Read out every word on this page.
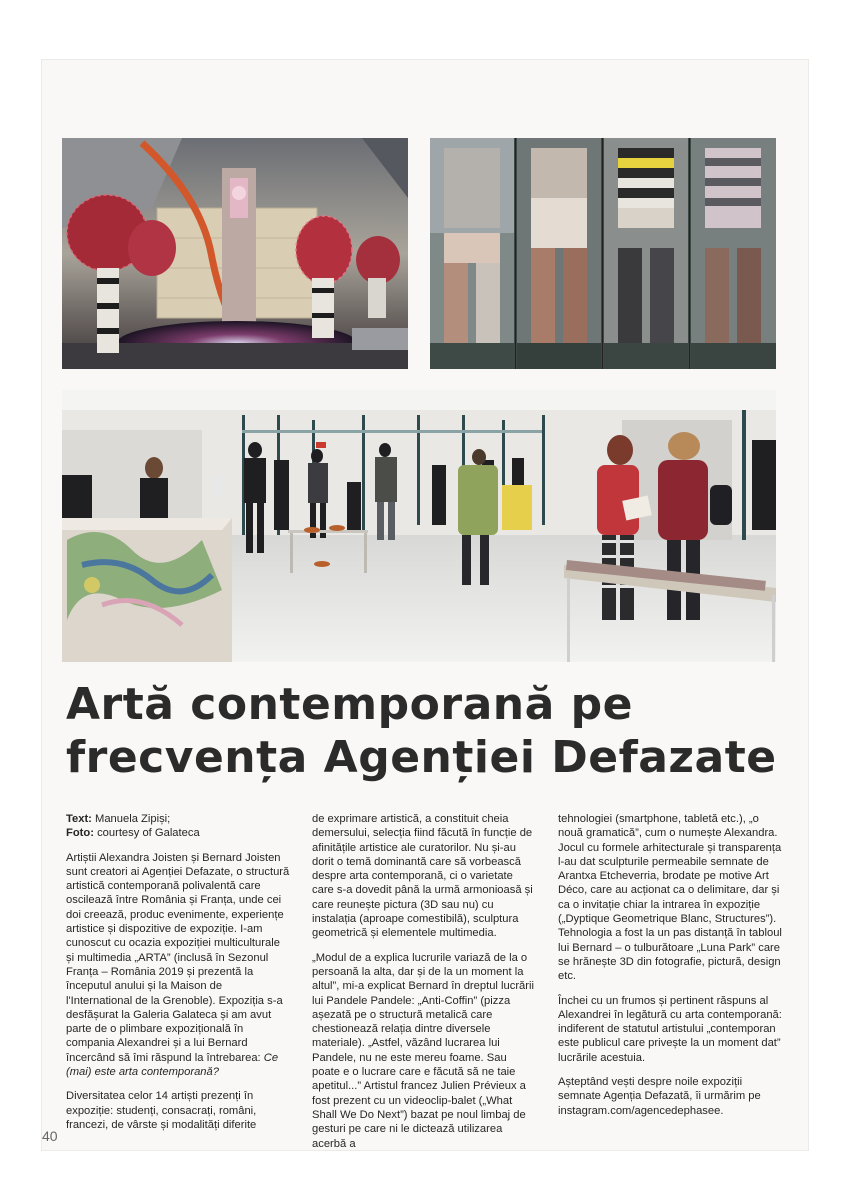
Artă contemporană pe
frecvența Agenției Defazate

Text: Manuela Zipiși;
Foto: courtesy of Galateca

Artiștii Alexandra Joisten și Bernard Joisten sunt creatori ai Agenției Defazate, o structură artistică contemporană polivalentă care oscilează între România și Franța, unde cei doi creează, produc evenimente, experiențe artistice și dispozitive de expoziție. I-am cunoscut cu ocazia expoziției multiculturale și multimedia „ARTA” (inclusă în Sezonul Franța – România 2019 și prezentă la începutul anului și la Maison de l'International de la Grenoble). Expoziția s-a desfășurat la Galeria Galateca și am avut parte de o plimbare expozițională în compania Alexandrei și a lui Bernard încercând să îmi răspund la întrebarea: Ce (mai) este arta contemporană?

Diversitatea celor 14 artiști prezenți în expoziție: studenți, consacrați, români, francezi, de vârste și modalități diferite

de exprimare artistică, a constituit cheia demersului, selecția fiind făcută în funcție de afinitățile artistice ale curatorilor. Nu și-au dorit o temă dominantă care să vorbească despre arta contemporană, ci o varietate care s-a dovedit până la urmă armonioasă și care reunește pictura (3D sau nu) cu instalația (aproape comestibilă), sculptura geometrică și elementele multimedia.

„Modul de a explica lucrurile variază de la o persoană la alta, dar și de la un moment la altul”, mi-a explicat Bernard în dreptul lucrării lui Pandele Pandele: „Anti-Coffin” (pizza așezată pe o structură metalică care chestionează relația dintre diversele materiale). „Astfel, văzând lucrarea lui Pandele, nu ne este mereu foame. Sau poate e o lucrare care e făcută să ne taie apetitul...” Artistul francez Julien Prévieux a fost prezent cu un videoclip-balet („What Shall We Do Next”) bazat pe noul limbaj de gesturi pe care ni le dictează utilizarea acerbă a

tehnologiei (smartphone, tabletă etc.), „o nouă gramatică”, cum o numește Alexandra. Jocul cu formele arhitecturale și transparența l-au dat sculpturile permeabile semnate de Arantxa Etcheverria, brodate pe motive Art Déco, care au acționat ca o delimitare, dar și ca o invitație chiar la intrarea în expoziție („Dyptique Geometrique Blanc, Structures”). Tehnologia a fost la un pas distanță în tabloul lui Bernard – o tulburătoare „Luna Park” care se hrănește 3D din fotografie, pictură, design etc.

Închei cu un frumos și pertinent răspuns al Alexandrei în legătură cu arta contemporană: indiferent de statutul artistului „contemporan este publicul care privește la un moment dat” lucrările acestuia.

Așteptând vești despre noile expoziții semnate Agenția Defazată, îi urmărim pe instagram.com/agencedephasee.

40
